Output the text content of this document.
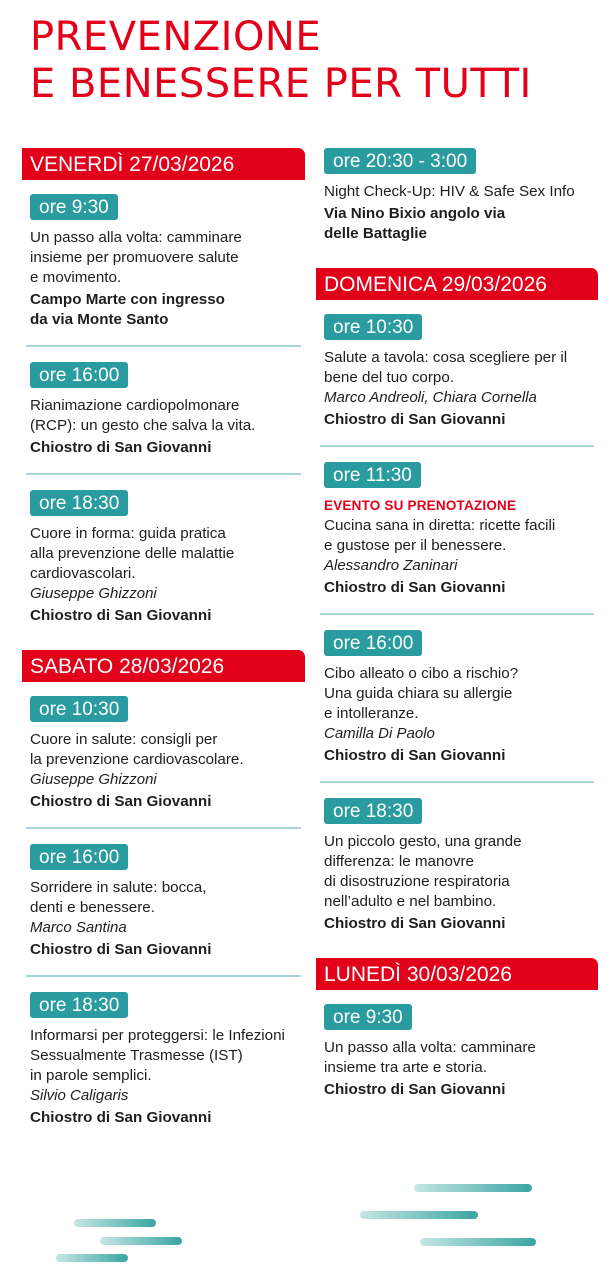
PREVENZIONE
E BENESSERE PER TUTTI
VENERDÌ 27/03/2026
ore 9:30
Un passo alla volta: camminare
insieme per promuovere salute
e movimento.
Campo Marte con ingresso
da via Monte Santo
ore 16:00
Rianimazione cardiopolmonare
(RCP): un gesto che salva la vita.
Chiostro di San Giovanni
ore 18:30
Cuore in forma: guida pratica
alla prevenzione delle malattie
cardiovascolari.
Giuseppe Ghizzoni
Chiostro di San Giovanni
SABATO 28/03/2026
ore 10:30
Cuore in salute: consigli per
la prevenzione cardiovascolare.
Giuseppe Ghizzoni
Chiostro di San Giovanni
ore 16:00
Sorridere in salute: bocca,
denti e benessere.
Marco Santina
Chiostro di San Giovanni
ore 18:30
Informarsi per proteggersi: le Infezioni
Sessualmente Trasmesse (IST)
in parole semplici.
Silvio Caligaris
Chiostro di San Giovanni
ore 20:30 - 3:00
Night Check-Up: HIV & Safe Sex Info
Via Nino Bixio angolo via
delle Battaglie
DOMENICA 29/03/2026
ore 10:30
Salute a tavola: cosa scegliere per il
bene del tuo corpo.
Marco Andreoli, Chiara Cornella
Chiostro di San Giovanni
ore 11:30
EVENTO SU PRENOTAZIONE
Cucina sana in diretta: ricette facili
e gustose per il benessere.
Alessandro Zaninari
Chiostro di San Giovanni
ore 16:00
Cibo alleato o cibo a rischio?
Una guida chiara su allergie
e intolleranze.
Camilla Di Paolo
Chiostro di San Giovanni
ore 18:30
Un piccolo gesto, una grande
differenza: le manovre
di disostruzione respiratoria
nell’adulto e nel bambino.
Chiostro di San Giovanni
LUNEDÌ 30/03/2026
ore 9:30
Un passo alla volta: camminare
insieme tra arte e storia.
Chiostro di San Giovanni
